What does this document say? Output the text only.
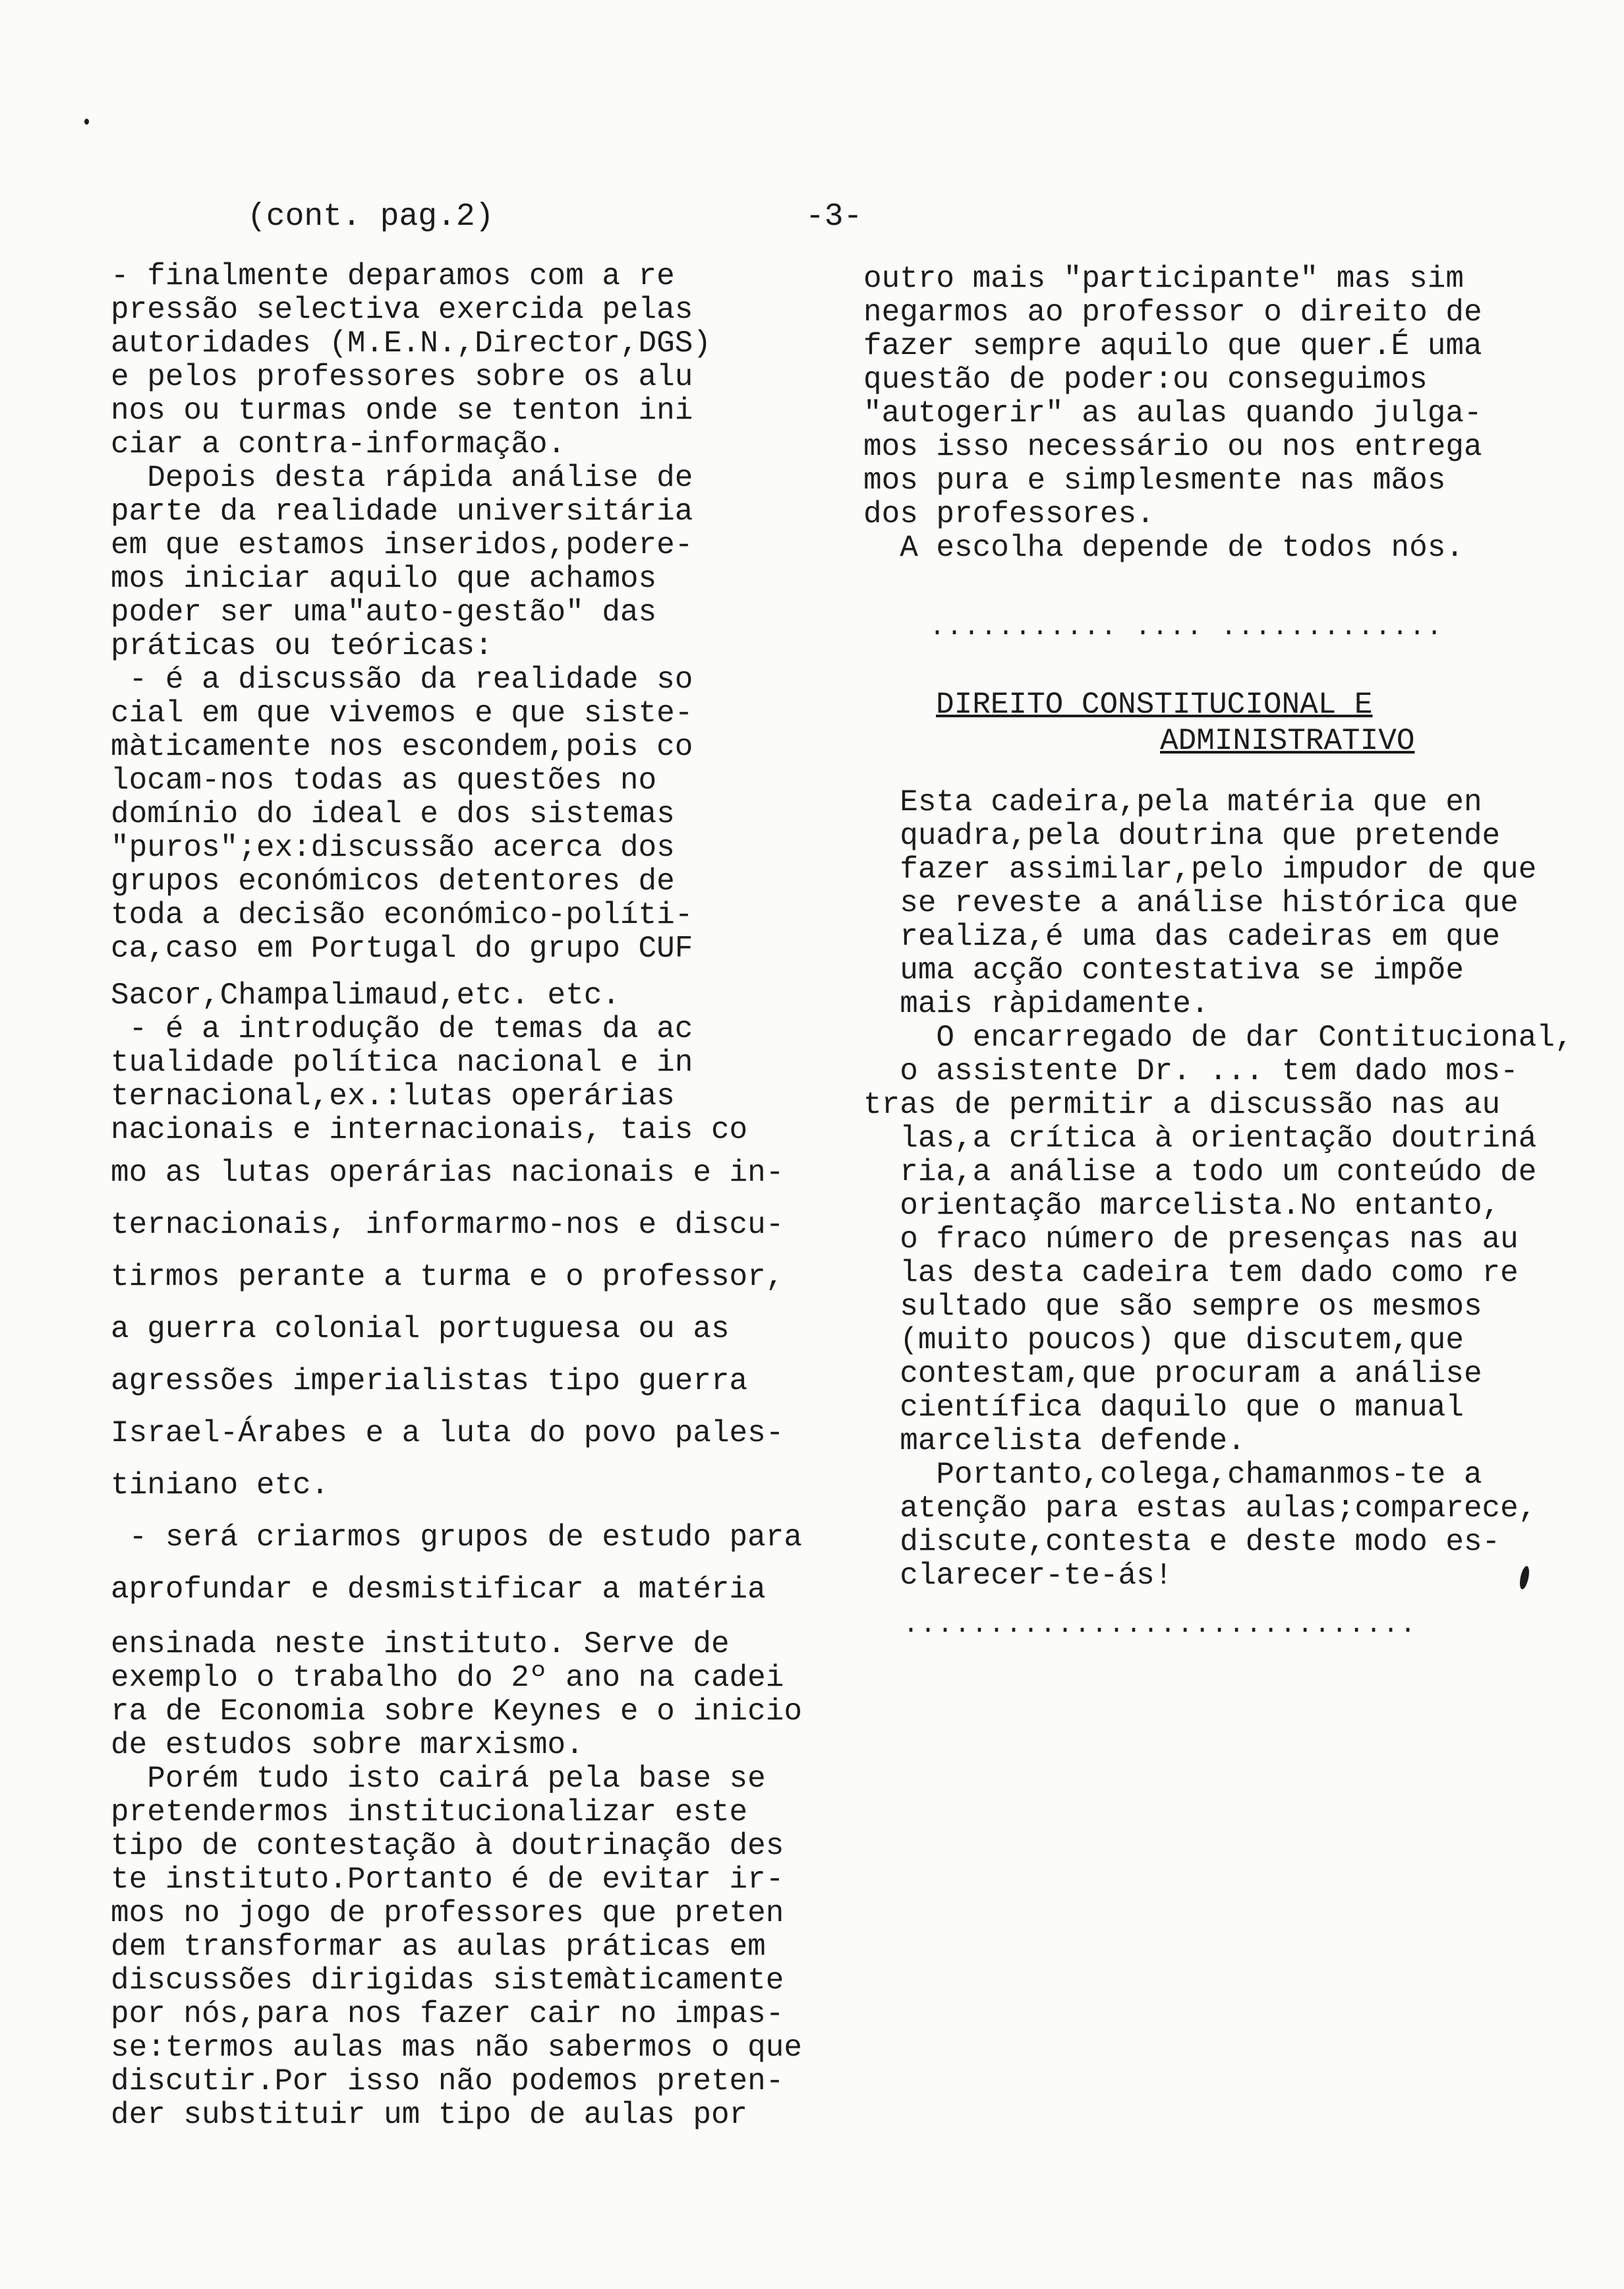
(cont. pag.2)	-3-
- finalmente deparamos com a re
pressão selectiva exercida pelas
autoridades (M.E.N.,Director,DGS)
e pelos professores sobre os alu
nos ou turmas onde se tenton ini
ciar a contra-informação.
Depois desta rápida análise de
parte da realidade universitária
em que estamos inseridos,podere-
mos iniciar aquilo que achamos
poder ser uma"auto-gestão" das
práticas ou teóricas:
- é a discussão da realidade so
cial em que vivemos e que siste-
màticamente nos escondem,pois co
locam-nos todas as questões no
domínio do ideal e dos sistemas
"puros";ex:discussão acerca dos
grupos económicos detentores de
toda a decisão económico-políti-
ca,caso em Portugal do grupo CUF
Sacor,Champalimaud,etc. etc.
- é a introdução de temas da ac
tualidade política nacional e in
ternacional,ex.:lutas operárias
nacionais e internacionais, tais co
mo as lutas operárias nacionais e in-
ternacionais, informarmo-nos e discu-
tirmos perante a turma e o professor,
a guerra colonial portuguesa ou as
agressões imperialistas tipo guerra
Israel-Árabes e a luta do povo pales-
tiniano etc.
- será criarmos grupos de estudo para
aprofundar e desmistificar a matéria
ensinada neste instituto. Serve de
exemplo o trabalho do 2º ano na cadei
ra de Economia sobre Keynes e o inicio
de estudos sobre marxismo.
Porém tudo isto cairá pela base se
pretendermos institucionalizar este
tipo de contestação à doutrinação des
te instituto.Portanto é de evitar ir-
mos no jogo de professores que preten
dem transformar as aulas práticas em
discussões dirigidas sistemàticamente
por nós,para nos fazer cair no impas-
se:termos aulas mas não sabermos o que
discutir.Por isso não podemos preten-
der substituir um tipo de aulas por
outro mais "participante" mas sim
negarmos ao professor o direito de
fazer sempre aquilo que quer.É uma
questão de poder:ou conseguimos
"autogerir" as aulas quando julga-
mos isso necessário ou nos entrega
mos pura e simplesmente nas mãos
dos professores.
A escolha depende de todos nós.
........... .... .............
DIREITO CONSTITUCIONAL E
ADMINISTRATIVO
Esta cadeira,pela matéria que en
quadra,pela doutrina que pretende
fazer assimilar,pelo impudor de que
se reveste a análise histórica que
realiza,é uma das cadeiras em que
uma acção contestativa se impõe
mais ràpidamente.
O encarregado de dar Contitucional,
o assistente Dr. ... tem dado mos-
tras de permitir a discussão nas au
las,a crítica à orientação doutriná
ria,a análise a todo um conteúdo de
orientação marcelista.No entanto,
o fraco número de presenças nas au
las desta cadeira tem dado como re
sultado que são sempre os mesmos
(muito poucos) que discutem,que
contestam,que procuram a análise
científica daquilo que o manual
marcelista defende.
Portanto,colega,chamanmos-te a
atenção para estas aulas;comparece,
discute,contesta e deste modo es-
clarecer-te-ás!
..............................
